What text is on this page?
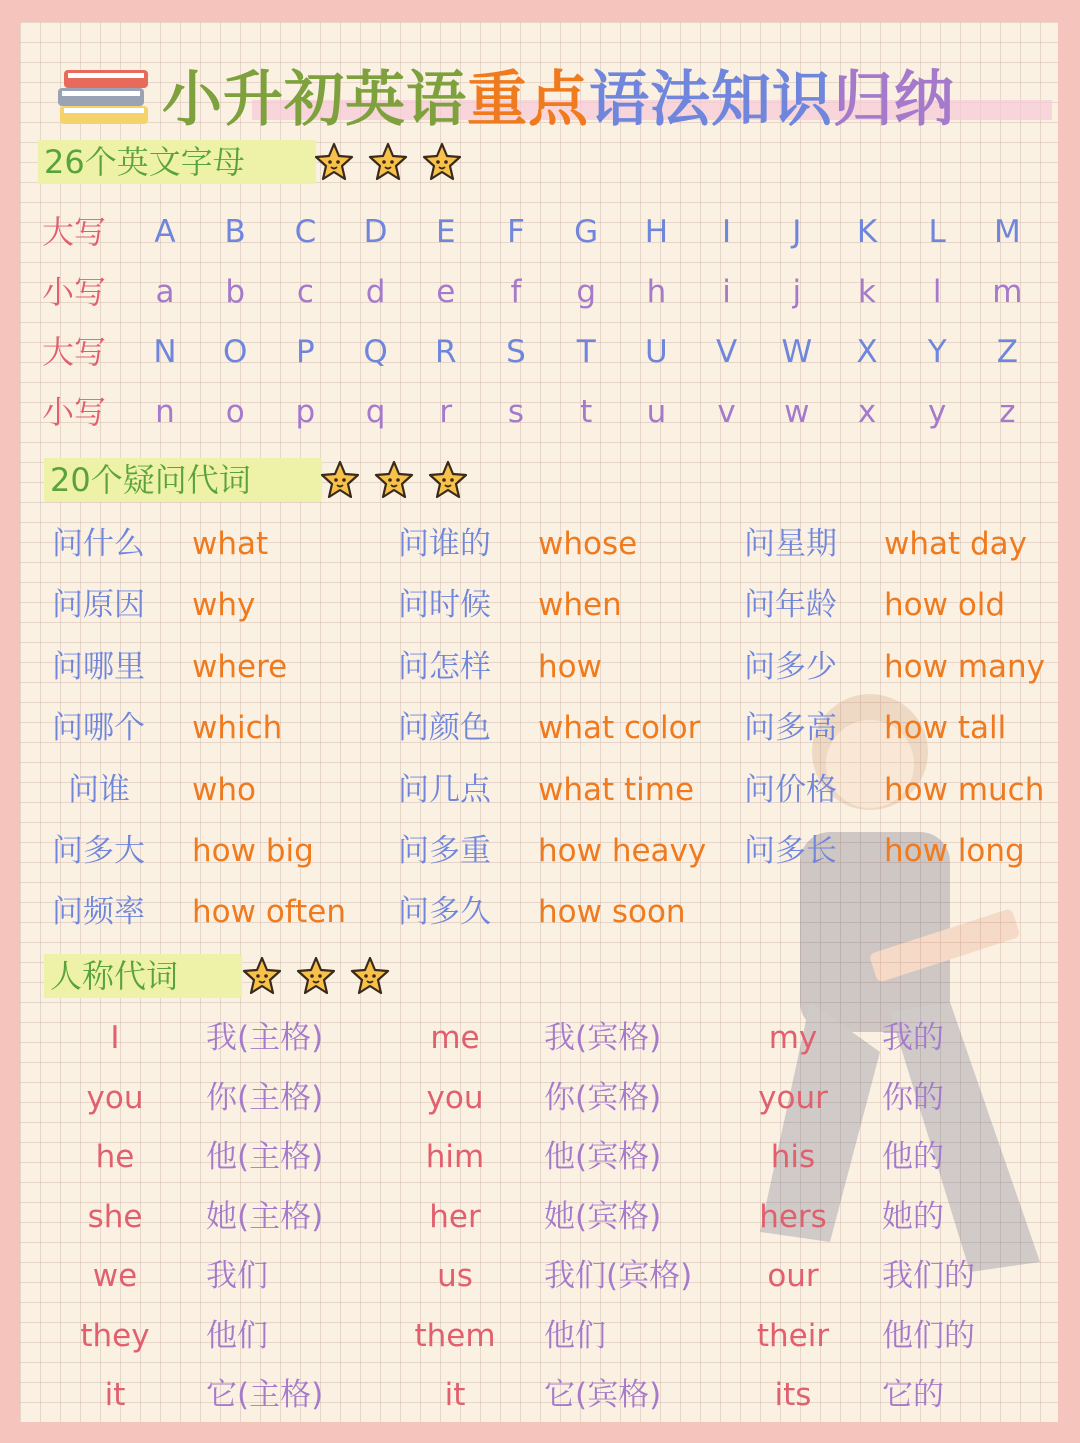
小升初英语重点语法知识归纳
26个英文字母
大写	A	B	C	D	E	F	G	H	I	J	K	L	M
小写	a	b	c	d	e	f	g	h	i	j	k	l	m
大写	N	O	P	Q	R	S	T	U	V	W	X	Y	Z
小写	n	o	p	q	r	s	t	u	v	w	x	y	z
20个疑问代词
问什么 what	问谁的 whose	问星期 what day
问原因 why	问时候 when	问年龄 how old
问哪里 where	问怎样 how	问多少 how many
问哪个 which	问颜色 what color 问多高 how tall
问谁 who	问几点 what time 问价格 how much
问多大 how big	问多重 how heavy 问多长 how long
问频率 how often 问多久 how soon
人称代词
I	我(主格)	me	我(宾格)	my	我的
you	你(主格)	you	你(宾格)	your	你的
he	他(主格)	him	他(宾格)	his	他的
she	她(主格)	her	她(宾格)	hers	她的
we	我们	us	我们(宾格)	our	我们的
they	他们	them	他们	their	他们的
it	它(主格)	it	它(宾格)	its	它的
